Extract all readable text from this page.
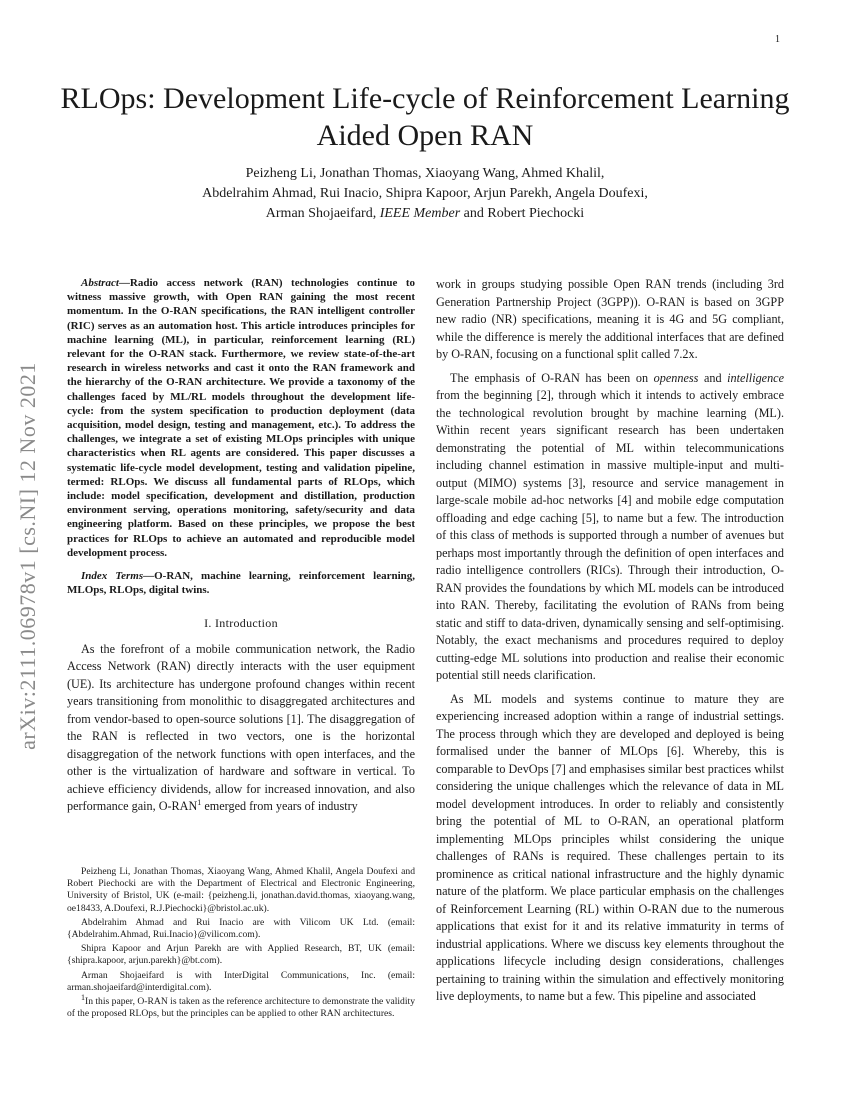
1
arXiv:2111.06978v1 [cs.NI] 12 Nov 2021
RLOps: Development Life-cycle of Reinforcement Learning Aided Open RAN
Peizheng Li, Jonathan Thomas, Xiaoyang Wang, Ahmed Khalil,
Abdelrahim Ahmad, Rui Inacio, Shipra Kapoor, Arjun Parekh, Angela Doufexi,
Arman Shojaeifard, IEEE Member and Robert Piechocki

Abstract—Radio access network (RAN) technologies continue to witness massive growth, with Open RAN gaining the most recent momentum. In the O-RAN specifications, the RAN intelligent controller (RIC) serves as an automation host. This article introduces principles for machine learning (ML), in particular, reinforcement learning (RL) relevant for the O-RAN stack. Furthermore, we review state-of-the-art research in wireless networks and cast it onto the RAN framework and the hierarchy of the O-RAN architecture. We provide a taxonomy of the challenges faced by ML/RL models throughout the development life-cycle: from the system specification to production deployment (data acquisition, model design, testing and management, etc.). To address the challenges, we integrate a set of existing MLOps principles with unique characteristics when RL agents are considered. This paper discusses a systematic life-cycle model development, testing and validation pipeline, termed: RLOps. We discuss all fundamental parts of RLOps, which include: model specification, development and distillation, production environment serving, operations monitoring, safety/security and data engineering platform. Based on these principles, we propose the best practices for RLOps to achieve an automated and reproducible model development process.

Index Terms—O-RAN, machine learning, reinforcement learning, MLOps, RLOps, digital twins.

I. Introduction

As the forefront of a mobile communication network, the Radio Access Network (RAN) directly interacts with the user equipment (UE). Its architecture has undergone profound changes within recent years transitioning from monolithic to disaggregated architectures and from vendor-based to open-source solutions [1]. The disaggregation of the RAN is reflected in two vectors, one is the horizontal disaggregation of the network functions with open interfaces, and the other is the virtualization of hardware and software in vertical. To achieve efficiency dividends, allow for increased innovation, and also performance gain, O-RAN$^1$ emerged from years of industry

Peizheng Li, Jonathan Thomas, Xiaoyang Wang, Ahmed Khalil, Angela Doufexi and Robert Piechocki are with the Department of Electrical and Electronic Engineering, University of Bristol, UK (e-mail: {peizheng.li, jonathan.david.thomas, xiaoyang.wang, oe18433, A.Doufexi, R.J.Piechocki}@bristol.ac.uk).

Abdelrahim Ahmad and Rui Inacio are with Vilicom UK Ltd. (email: {Abdelrahim.Ahmad, Rui.Inacio}@vilicom.com).

Shipra Kapoor and Arjun Parekh are with Applied Research, BT, UK (email: {shipra.kapoor, arjun.parekh}@bt.com).

Arman Shojaeifard is with InterDigital Communications, Inc. (email: arman.shojaeifard@interdigital.com).

$^1$In this paper, O-RAN is taken as the reference architecture to demonstrate the validity of the proposed RLOps, but the principles can be applied to other RAN architectures.

work in groups studying possible Open RAN trends (including 3rd Generation Partnership Project (3GPP)). O-RAN is based on 3GPP new radio (NR) specifications, meaning it is 4G and 5G compliant, while the difference is merely the additional interfaces that are defined by O-RAN, focusing on a functional split called 7.2x.

The emphasis of O-RAN has been on openness and intelligence from the beginning [2], through which it intends to actively embrace the technological revolution brought by machine learning (ML). Within recent years significant research has been undertaken demonstrating the potential of ML within telecommunications including channel estimation in massive multiple-input and multi-output (MIMO) systems [3], resource and service management in large-scale mobile ad-hoc networks [4] and mobile edge computation offloading and edge caching [5], to name but a few. The introduction of this class of methods is supported through a number of avenues but perhaps most importantly through the definition of open interfaces and radio intelligence controllers (RICs). Through their introduction, O-RAN provides the foundations by which ML models can be introduced into RAN. Thereby, facilitating the evolution of RANs from being static and stiff to data-driven, dynamically sensing and self-optimising. Notably, the exact mechanisms and procedures required to deploy cutting-edge ML solutions into production and realise their economic potential still needs clarification.

As ML models and systems continue to mature they are experiencing increased adoption within a range of industrial settings. The process through which they are developed and deployed is being formalised under the banner of MLOps [6]. Whereby, this is comparable to DevOps [7] and emphasises similar best practices whilst considering the unique challenges which the relevance of data in ML model development introduces. In order to reliably and consistently bring the potential of ML to O-RAN, an operational platform implementing MLOps principles whilst considering the unique challenges of RANs is required. These challenges pertain to its prominence as critical national infrastructure and the highly dynamic nature of the platform. We place particular emphasis on the challenges of Reinforcement Learning (RL) within O-RAN due to the numerous applications that exist for it and its relative immaturity in terms of industrial applications. Where we discuss key elements throughout the applications lifecycle including design considerations, challenges pertaining to training within the simulation and effectively monitoring live deployments, to name but a few. This pipeline and associated
